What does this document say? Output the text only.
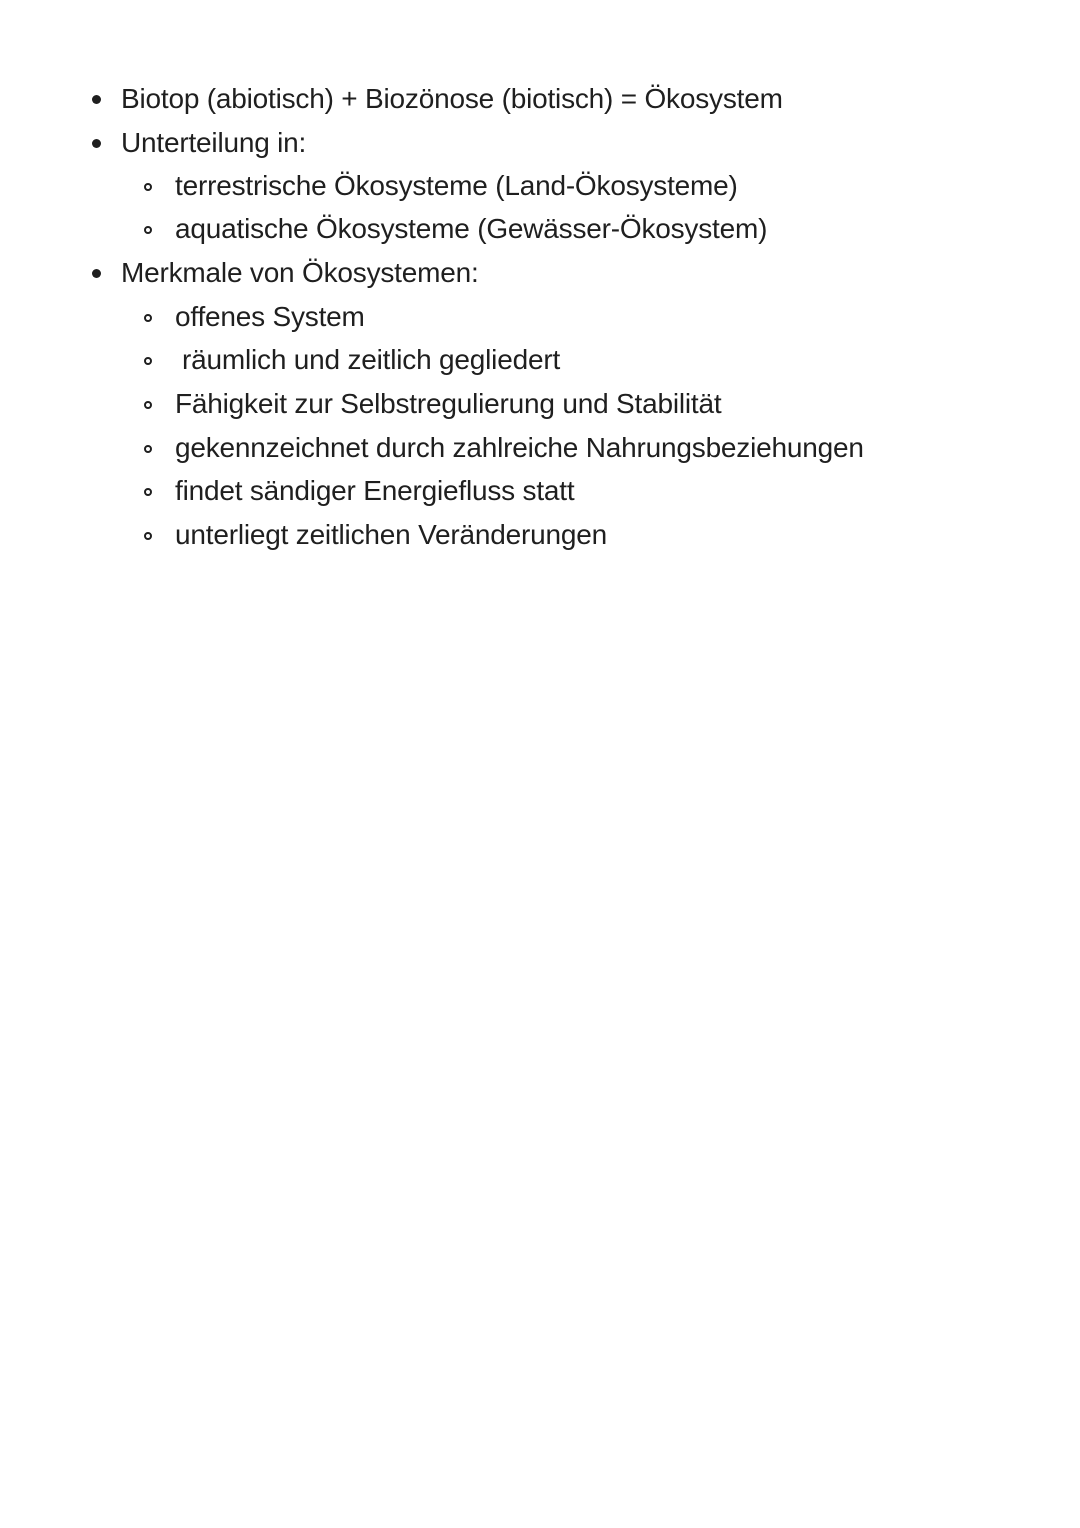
Biotop (abiotisch) + Biozönose (biotisch) = Ökosystem
Unterteilung in:
terrestrische Ökosysteme (Land-Ökosysteme)
aquatische Ökosysteme (Gewässer-Ökosystem)
Merkmale von Ökosystemen:
offenes System
räumlich und zeitlich gegliedert
Fähigkeit zur Selbstregulierung und Stabilität
gekennzeichnet durch zahlreiche Nahrungsbeziehungen
findet sändiger Energiefluss statt
unterliegt zeitlichen Veränderungen
